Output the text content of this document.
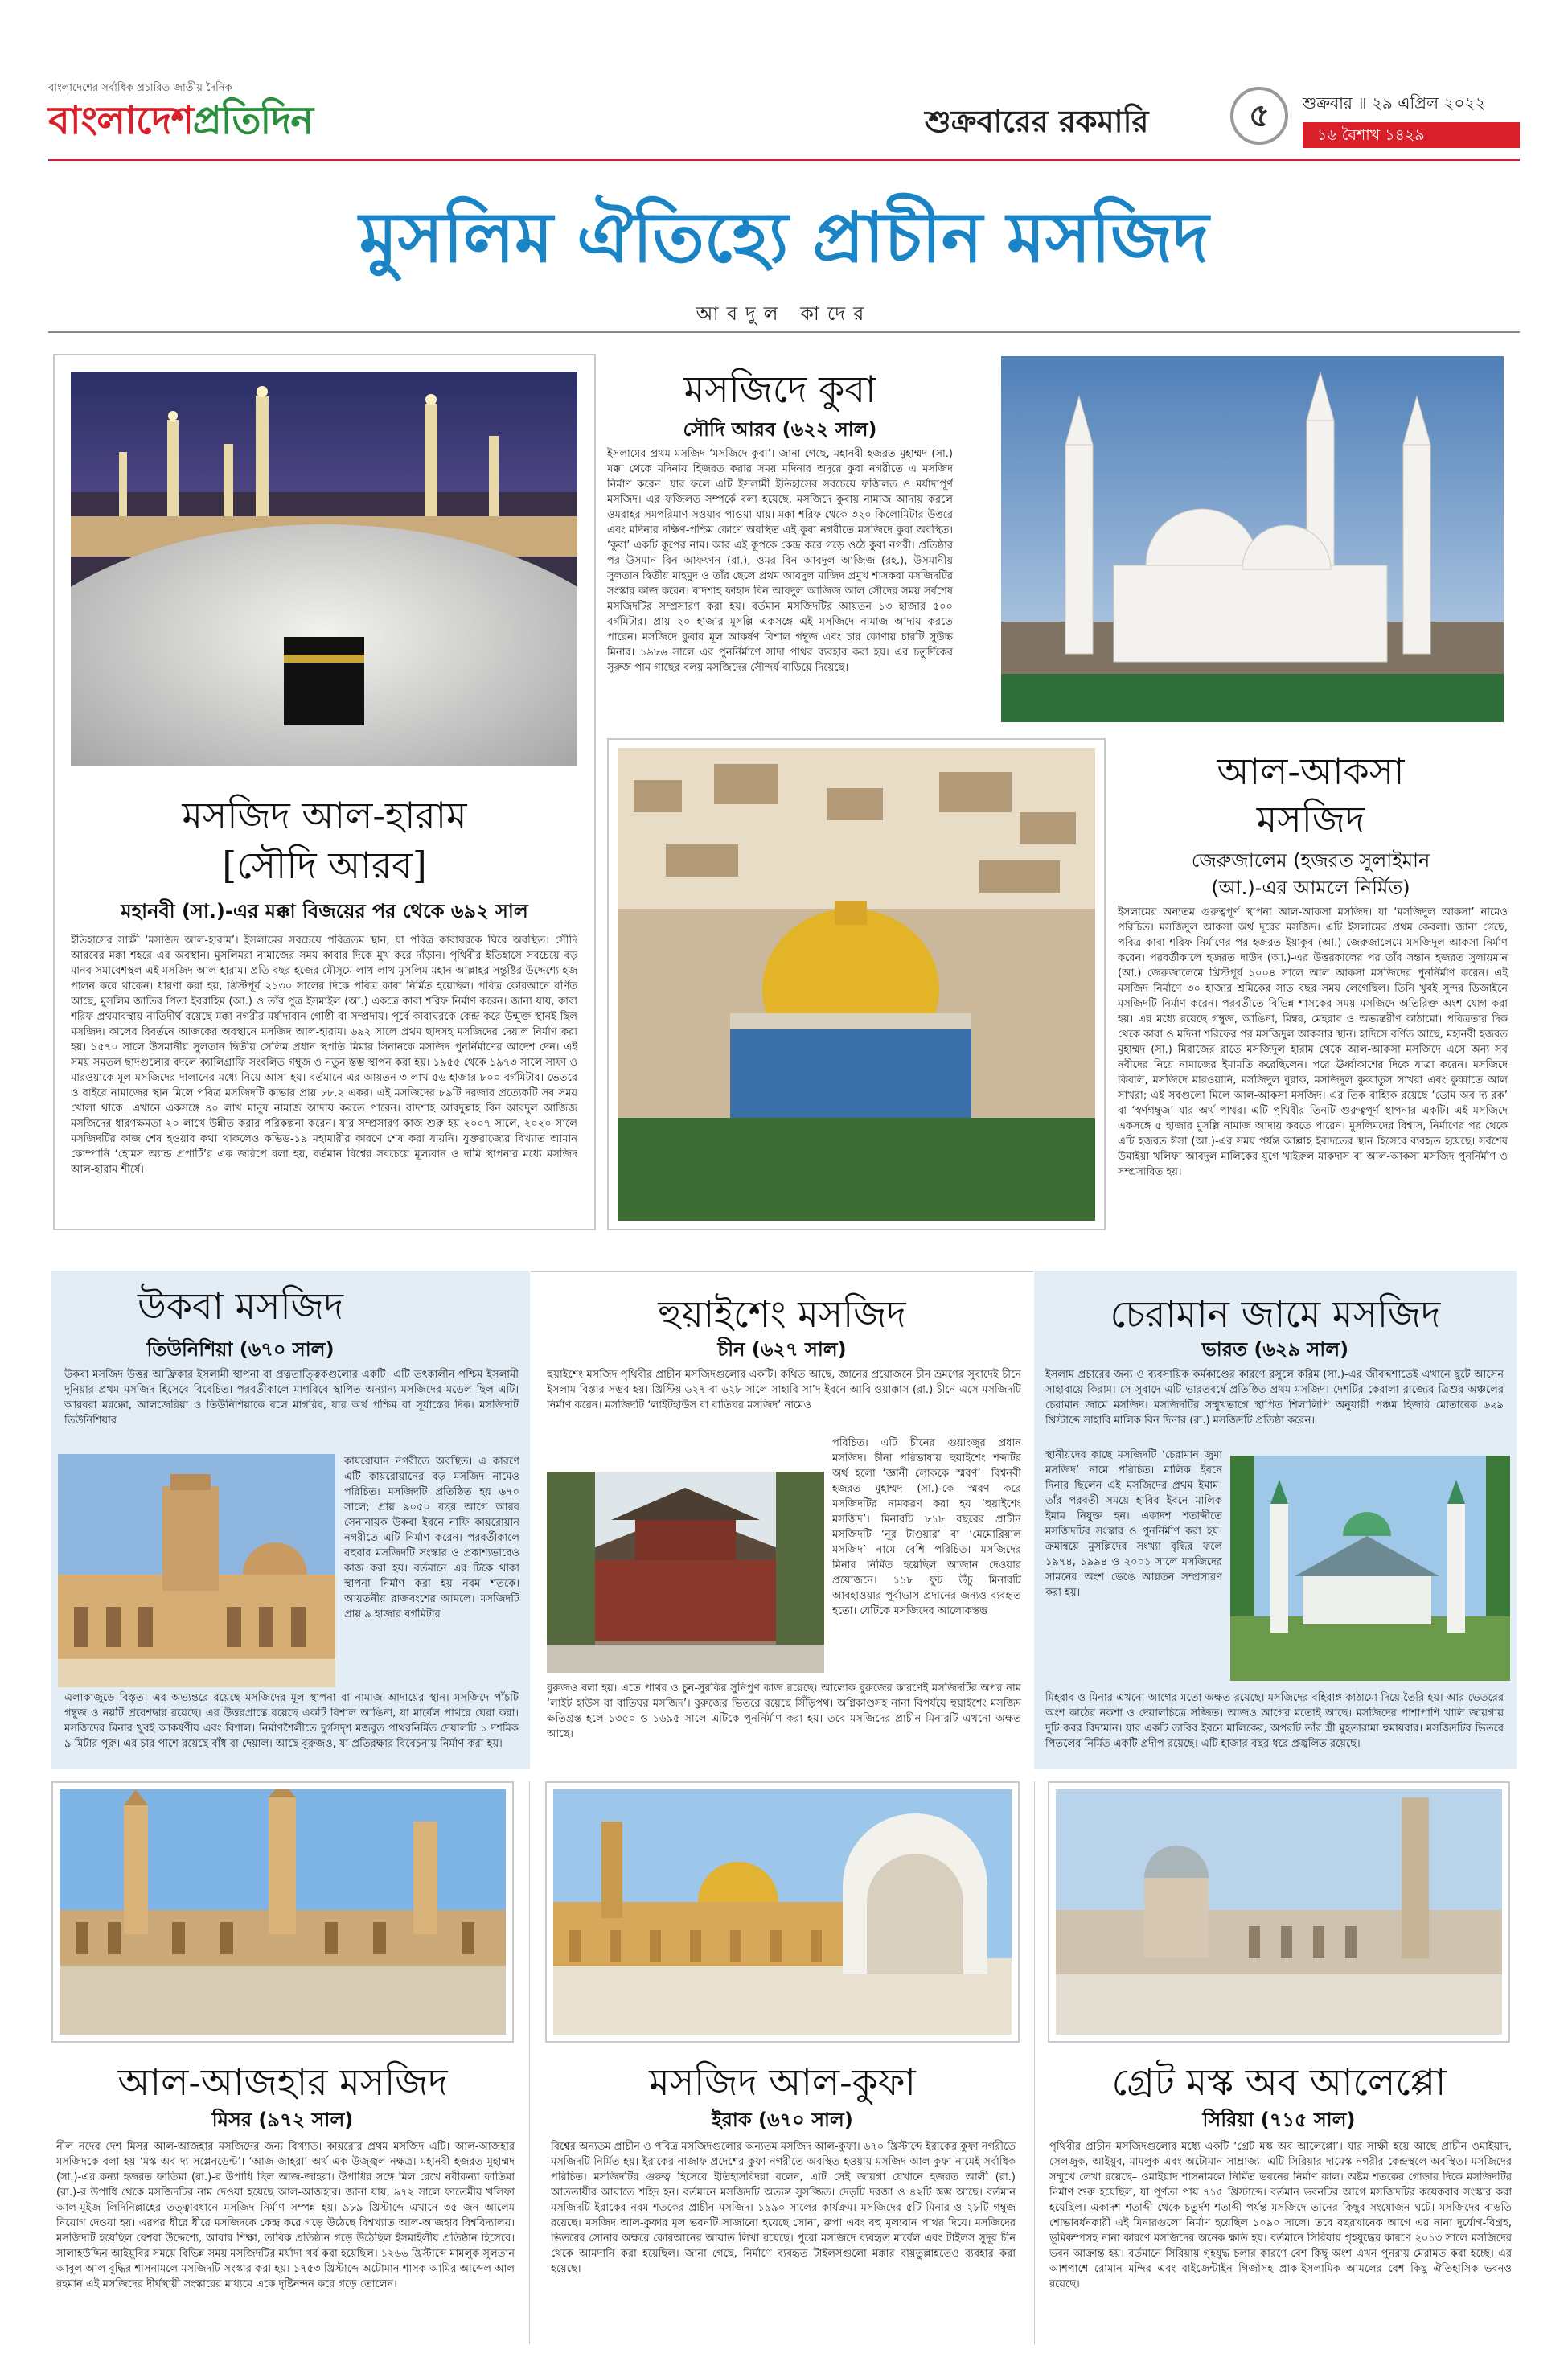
বাংলাদেশের সর্বাধিক প্রচারিত জাতীয় দৈনিক
বাংলাদেশপ্রতিদিন	শুক্রবারের রকমারি	৫	শুক্রবার ॥ ২৯ এপ্রিল ২০২২
১৬ বৈশাখ ১৪২৯
মুসলিম ঐতিহ্যে প্রাচীন মসজিদ
আবদুল কাদের
মসজিদ আল-হারাম
[সৌদি আরব]
মহানবী (সা.)-এর মক্কা বিজয়ের পর থেকে ৬৯২ সাল
ইতিহাসের সাক্ষী ‘মসজিদ আল-হারাম’। ইসলামের সবচেয়ে পবিত্রতম স্থান, যা পবিত্র কাবাঘরকে ঘিরে অবস্থিত। সৌদি আরবের মক্কা শহরে এর অবস্থান। মুসলিমরা নামাজের সময় কাবার দিকে মুখ করে দাঁড়ান। পৃথিবীর ইতিহাসে সবচেয়ে বড় মানব সমাবেশস্থল এই মসজিদ আল-হারাম। প্রতি বছর হজের মৌসুমে লাখ লাখ মুসলিম মহান আল্লাহর সন্তুষ্টির উদ্দেশ্যে হজ পালন করে থাকেন। ধারণা করা হয়, খ্রিস্টপূর্ব ২১৩০ সালের দিকে পবিত্র কাবা নির্মিত হয়েছিল। পবিত্র কোরআনে বর্ণিত আছে, মুসলিম জাতির পিতা ইবরাহিম (আ.) ও তাঁর পুত্র ইসমাইল (আ.) একত্রে কাবা শরিফ নির্মাণ করেন। জানা যায়, কাবা শরিফ প্রথমাবস্থায় নাতিদীর্ঘ রয়েছে মক্কা নগরীর মর্যাদাবান গোষ্ঠী বা সম্প্রদায়। পূর্বে কাবাঘরকে কেন্দ্র করে উন্মুক্ত স্থানই ছিল মসজিদ। কালের বিবর্তনে আজকের অবস্থানে মসজিদ আল-হারাম। ৬৯২ সালে প্রথম ছাদসহ মসজিদের দেয়াল নির্মাণ করা হয়। ১৫৭০ সালে উসমানীয় সুলতান দ্বিতীয় সেলিম প্রধান স্থপতি মিমার সিনানকে মসজিদ পুনর্নির্মাণের আদেশ দেন। এই সময় সমতল ছাদগুলোর বদলে ক্যালিগ্রাফি সংবলিত গম্বুজ ও নতুন স্তম্ভ স্থাপন করা হয়। ১৯৫৫ থেকে ১৯৭৩ সালে সাফা ও মারওয়াকে মূল মসজিদের দালানের মধ্যে নিয়ে আসা হয়। বর্তমানে এর আয়তন ৩ লাখ ৫৬ হাজার ৮০০ বর্গমিটার। ভেতরে ও বাইরে নামাজের স্থান মিলে পবিত্র মসজিদটি কাভার প্রায় ৮৮.২ একর। এই মসজিদের ৮৯টি দরজার প্রত্যেকটি সব সময় খোলা থাকে। এখানে একসঙ্গে ৪০ লাখ মানুষ নামাজ আদায় করতে পারেন। বাদশাহ আবদুল্লাহ বিন আবদুল আজিজ মসজিদের ধারণক্ষমতা ২০ লাখে উন্নীত করার পরিকল্পনা করেন। যার সম্প্রসারণ কাজ শুরু হয় ২০০৭ সালে, ২০২০ সালে মসজিদটির কাজ শেষ হওয়ার কথা থাকলেও কভিড-১৯ মহামারীর কারণে শেষ করা যায়নি। যুক্তরাজ্যের বিখ্যাত আমান কোম্পানি ‘হোমস অ্যান্ড প্রপার্টি’র এক জরিপে বলা হয়, বর্তমান বিশ্বের সবচেয়ে মূল্যবান ও দামি স্থাপনার মধ্যে মসজিদ আল-হারাম শীর্ষে।
মসজিদে কুবা
সৌদি আরব (৬২২ সাল)
ইসলামের প্রথম মসজিদ ‘মসজিদে কুবা’। জানা গেছে, মহানবী হজরত মুহাম্মদ (সা.) মক্কা থেকে মদিনায় হিজরত করার সময় মদিনার অদূরে কুবা নগরীতে এ মসজিদ নির্মাণ করেন। যার ফলে এটি ইসলামী ইতিহাসের সবচেয়ে ফজিলত ও মর্যাদাপূর্ণ মসজিদ। এর ফজিলত সম্পর্কে বলা হয়েছে, মসজিদে কুবায় নামাজ আদায় করলে ওমরাহর সমপরিমাণ সওয়াব পাওয়া যায়। মক্কা শরিফ থেকে ৩২০ কিলোমিটার উত্তরে এবং মদিনার দক্ষিণ-পশ্চিম কোণে অবস্থিত এই কুবা নগরীতে মসজিদে কুবা অবস্থিত। ‘কুবা’ একটি কূপের নাম। আর এই কূপকে কেন্দ্র করে গড়ে ওঠে কুবা নগরী। প্রতিষ্ঠার পর উসমান বিন আফফান (রা.), ওমর বিন আবদুল আজিজ (রহ.), উসমানীয় সুলতান দ্বিতীয় মাহমুদ ও তাঁর ছেলে প্রথম আবদুল মাজিদ প্রমুখ শাসকরা মসজিদটির সংস্কার কাজ করেন। বাদশাহ ফাহাদ বিন আবদুল আজিজ আল সৌদের সময় সর্বশেষ মসজিদটির সম্প্রসারণ করা হয়। বর্তমান মসজিদটির আয়তন ১৩ হাজার ৫০০ বর্গমিটার। প্রায় ২০ হাজার মুসল্লি একসঙ্গে এই মসজিদে নামাজ আদায় করতে পারেন। মসজিদে কুবার মূল আকর্ষণ বিশাল গম্বুজ এবং চার কোণায় চারটি সুউচ্চ মিনার। ১৯৮৬ সালে এর পুনর্নির্মাণে সাদা পাথর ব্যবহার করা হয়। এর চতুর্দিকের সুরুজ পাম গাছের বলয় মসজিদের সৌন্দর্য বাড়িয়ে দিয়েছে।
আল-আকসা
মসজিদ
জেরুজালেম (হজরত সুলাইমান
(আ.)-এর আমলে নির্মিত)
ইসলামের অন্যতম গুরুত্বপূর্ণ স্থাপনা আল-আকসা মসজিদ। যা ‘মসজিদুল আকসা’ নামেও পরিচিত। মসজিদুল আকসা অর্থ দূরের মসজিদ। এটি ইসলামের প্রথম কেবলা। জানা গেছে, পবিত্র কাবা শরিফ নির্মাণের পর হজরত ইয়াকুব (আ.) জেরুজালেমে মসজিদুল আকসা নির্মাণ করেন। পরবর্তীকালে হজরত দাউদ (আ.)-এর উত্তরকালের পর তাঁর সন্তান হজরত সুলায়মান (আ.) জেরুজালেমে খ্রিস্টপূর্ব ১০০৪ সালে আল আকসা মসজিদের পুনর্নির্মাণ করেন। এই মসজিদ নির্মাণে ৩০ হাজার শ্রমিকের সাত বছর সময় লেগেছিল। তিনি খুবই সুন্দর ডিজাইনে মসজিদটি নির্মাণ করেন। পরবর্তীতে বিভিন্ন শাসকের সময় মসজিদে অতিরিক্ত অংশ যোগ করা হয়। এর মধ্যে রয়েছে গম্বুজ, আঙিনা, মিম্বর, মেহরাব ও অভ্যন্তরীণ কাঠামো। পবিত্রতার দিক থেকে কাবা ও মদিনা শরিফের পর মসজিদুল আকসার স্থান। হাদিসে বর্ণিত আছে, মহানবী হজরত মুহাম্মদ (সা.) মিরাজের রাতে মসজিদুল হারাম থেকে আল-আকসা মসজিদে এসে অন্য সব নবীদের নিয়ে নামাজের ইমামতি করেছিলেন। পরে ঊর্ধ্বাকাশের দিকে যাত্রা করেন। মসজিদে কিবলি, মসজিদে মারওয়ানি, মসজিদুল বুরাক, মসজিদুল কুব্বাতুস সাখরা এবং কুব্বাতে আল সাখরা; এই সবগুলো মিলে আল-আকসা মসজিদ। এর তিক বাহ্যিক রয়েছে ‘ডোম অব দ্য রক’ বা ‘স্বর্ণগম্বুজ’ যার অর্থ পাথর। এটি পৃথিবীর তিনটি গুরুত্বপূর্ণ স্থাপনার একটি। এই মসজিদে একসঙ্গে ৫ হাজার মুসল্লি নামাজ আদায় করতে পারেন। মুসলিমদের বিশ্বাস, নির্মাণের পর থেকে এটি হজরত ঈসা (আ.)-এর সময় পর্যন্ত আল্লাহ ইবাদতের স্থান হিসেবে ব্যবহৃত হয়েছে। সর্বশেষ উমাইয়া খলিফা আবদুল মালিকের যুগে খাইরুল মাকদাস বা আল-আকসা মসজিদ পুনর্নির্মাণ ও সম্প্রসারিত হয়।
উকবা মসজিদ
তিউনিশিয়া (৬৭০ সাল)
উকবা মসজিদ উত্তর আফ্রিকার ইসলামী স্থাপনা বা প্রত্নতাত্ত্বিকগুলোর একটি। এটি তৎকালীন পশ্চিম ইসলামী দুনিয়ার প্রথম মসজিদ হিসেবে বিবেচিত। পরবর্তীকালে মাগরিবে স্থাপিত অন্যান্য মসজিদের মডেল ছিল এটি। আরবরা মরক্কো, আলজেরিয়া ও তিউনিশিয়াকে বলে মাগরিব, যার অর্থ পশ্চিম বা সূর্যাস্তের দিক। মসজিদটি তিউনিশিয়ার
কায়রোয়ান নগরীতে অবস্থিত। এ কারণে এটি কায়রোয়ানের বড় মসজিদ নামেও পরিচিত। মসজিদটি প্রতিষ্ঠিত হয় ৬৭০ সালে; প্রায় ৯০৫০ বছর আগে আরব সেনানায়ক উকবা ইবনে নাফি কায়রোয়ান নগরীতে এটি নির্মাণ করেন। পরবর্তীকালে বহুবার মসজিদটি সংস্কার ও প্রকাশ্যভাবেও কাজ করা হয়। বর্তমানে এর টিকে থাকা স্থাপনা নির্মাণ করা হয় নবম শতকে। আয়তনীয় রাজবংশের আমলে। মসজিদটি প্রায় ৯ হাজার বর্গমিটার
এলাকাজুড়ে বিস্তৃত। এর অভ্যন্তরে রয়েছে মসজিদের মূল স্থাপনা বা নামাজ আদায়ের স্থান। মসজিদে পাঁচটি গম্বুজ ও নয়টি প্রবেশদ্বার রয়েছে। এর উত্তরপ্রান্তে রয়েছে একটি বিশাল আঙিনা, যা মার্বেল পাথরে ঘেরা করা। মসজিদের মিনার খুবই আকর্ষণীয় এবং বিশাল। নির্মাণশৈলীতে দুর্গসদৃশ মজবুত পাথরনির্মিত দেয়ালটি ১ দশমিক ৯ মিটার পুরু। এর চার পাশে রয়েছে বাঁধ বা দেয়াল। আছে বুরুজও, যা প্রতিরক্ষার বিবেচনায় নির্মাণ করা হয়।
হুয়াইশেং মসজিদ
চীন (৬২৭ সাল)
হুয়াইশেং মসজিদ পৃথিবীর প্রাচীন মসজিদগুলোর একটি। কথিত আছে, জ্ঞানের প্রয়োজনে চীন ভ্রমণের সুবাদেই চীনে ইসলাম বিস্তার সম্ভব হয়। খ্রিস্টিয় ৬২৭ বা ৬২৮ সালে সাহাবি সা’দ ইবনে আবি ওয়াক্কাস (রা.) চীনে এসে মসজিদটি নির্মাণ করেন। মসজিদটি ‘লাইটহাউস বা বাতিঘর মসজিদ’ নামেও
পরিচিত। এটি চীনের গুয়াংজুর প্রধান মসজিদ। চীনা পরিভাষায় হুয়াইশেং শব্দটির অর্থ হলো ‘জ্ঞানী লোককে স্মরণ’। বিশ্বনবী হজরত মুহাম্মদ (সা.)-কে স্মরণ করে মসজিদটির নামকরণ করা হয় ‘হুয়াইশেং মসজিদ’। মিনারটি ৮১৮ বছরের প্রাচীন মসজিদটি ‘নূর টাওয়ার’ বা ‘মেমোরিয়াল মসজিদ’ নামে বেশি পরিচিত। মসজিদের মিনার নির্মিত হয়েছিল আজান দেওয়ার প্রয়োজনে। ১১৮ ফুট উঁচু মিনারটি আবহাওয়ার পূর্বাভাস প্রদানের জন্যও ব্যবহৃত হতো। যেটিকে মসজিদের আলোকস্তম্ভ
বুরুজও বলা হয়। এতে পাথর ও চুন-সুরকির সুনিপুণ কাজ রয়েছে। আলোক বুরুজের কারণেই মসজিদটির অপর নাম ‘লাইট হাউস বা বাতিঘর মসজিদ’। বুরুজের ভিতরে রয়েছে সিঁড়িপথ। অগ্নিকাণ্ডসহ নানা বিপর্যয়ে হুয়াইশেং মসজিদ ক্ষতিগ্রস্ত হলে ১৩৫০ ও ১৬৯৫ সালে এটিকে পুনর্নির্মাণ করা হয়। তবে মসজিদের প্রাচীন মিনারটি এখনো অক্ষত আছে।
চেরামান জামে মসজিদ
ভারত (৬২৯ সাল)
ইসলাম প্রচারের জন্য ও ব্যবসায়িক কর্মকাণ্ডের কারণে রসুলে করিম (সা.)-এর জীবদ্দশাতেই এখানে ছুটে আসেন সাহাবায়ে কিরাম। সে সুবাদে এটি ভারতবর্ষে প্রতিষ্ঠিত প্রথম মসজিদ। দেশটির কেরালা রাজ্যের ত্রিশুর অঞ্চলের চেরামান জামে মসজিদ। মসজিদটির সম্মুখভাগে স্থাপিত শিলালিপি অনুযায়ী পঞ্চম হিজরি মোতাবেক ৬২৯ খ্রিস্টাব্দে সাহাবি মালিক বিন দিনার (রা.) মসজিদটি প্রতিষ্ঠা করেন।
স্থানীয়দের কাছে মসজিদটি ‘চেরামান জুমা মসজিদ’ নামে পরিচিত। মালিক ইবনে দিনার ছিলেন এই মসজিদের প্রথম ইমাম। তাঁর পরবর্তী সময়ে হাবিব ইবনে মালিক ইমাম নিযুক্ত হন। একাদশ শতাব্দীতে মসজিদটির সংস্কার ও পুনর্নির্মাণ করা হয়। ক্রমান্বয়ে মুসল্লিদের সংখ্যা বৃদ্ধির ফলে ১৯৭৪, ১৯৯৪ ও ২০০১ সালে মসজিদের সামনের অংশ ভেঙে আয়তন সম্প্রসারণ করা হয়।
মিহরাব ও মিনার এখনো আগের মতো অক্ষত রয়েছে। মসজিদের বহিরাঙ্গ কাঠামো দিয়ে তৈরি হয়। আর ভেতরের অংশ কাঠের নকশা ও দেয়ালচিত্রে সজ্জিত। আজও আগের মতোই আছে। মসজিদের পাশাপাশি খালি জায়গায় দুটি কবর বিদ্যমান। যার একটি তাবিব ইবনে মালিকের, অপরটি তাঁর স্ত্রী মুহতারামা হুমায়রার। মসজিদটির ভিতরে পিতলের নির্মিত একটি প্রদীপ রয়েছে। এটি হাজার বছর ধরে প্রজ্বলিত রয়েছে।
আল-আজহার মসজিদ
মিসর (৯৭২ সাল)
নীল নদের দেশ মিসর আল-আজহার মসজিদের জন্য বিখ্যাত। কায়রোর প্রথম মসজিদ এটি। আল-আজহার মসজিদকে বলা হয় ‘মস্ক অব দ্য সপ্লেনডেন্ট’। ‘আজ-জাহরা’ অর্থ এক উজ্জ্বল নক্ষত্র। মহানবী হজরত মুহাম্মদ (সা.)-এর কন্যা হজরত ফাতিমা (রা.)-র উপাধি ছিল আজ-জাহরা। উপাধির সঙ্গে মিল রেখে নবীকন্যা ফাতিমা (রা.)-র উপাধি থেকে মসজিদটির নাম দেওয়া হয়েছে আল-আজহার। জানা যায়, ৯৭২ সালে ফাতেমীয় খলিফা আল-মুইজ লিদিনিল্লাহের তত্ত্বাবধানে মসজিদ নির্মাণ সম্পন্ন হয়। ৯৮৯ খ্রিস্টাব্দে এখানে ৩৫ জন আলেম নিয়োগ দেওয়া হয়। এরপর ধীরে ধীরে মসজিদকে কেন্দ্র করে গড়ে উঠেছে বিশ্বখ্যাত আল-আজহার বিশ্ববিদ্যালয়। মসজিদটি হয়েছিল বেশবা উদ্দেশ্যে, আবার শিক্ষা, তাবিক প্রতিষ্ঠান গড়ে উঠেছিল ইসমাইলীয় প্রতিষ্ঠান হিসেবে। সালাহউদ্দিন আইয়ুবির সময়ে বিভিন্ন সময় মসজিদটির মর্যাদা খর্ব করা হয়েছিল। ১২৬৬ খ্রিস্টাব্দে মামলুক সুলতান আবুল আল বুদ্ধির শাসনামলে মসজিদটি সংস্কার করা হয়। ১৭৫৩ খ্রিস্টাব্দে অটোমান শাসক আমির আব্দেল আল রহমান এই মসজিদের দীর্ঘস্থায়ী সংস্কারের মাধ্যমে একে দৃষ্টিনন্দন করে গড়ে তোলেন।
মসজিদ আল-কুফা
ইরাক (৬৭০ সাল)
বিশ্বের অন্যতম প্রাচীন ও পবিত্র মসজিদগুলোর অন্যতম মসজিদ আল-কুফা। ৬৭০ খ্রিস্টাব্দে ইরাকের কুফা নগরীতে মসজিদটি নির্মিত হয়। ইরাকের নাজাফ প্রদেশের কুফা নগরীতে অবস্থিত হওয়ায় মসজিদ আল-কুফা নামেই সর্বাধিক পরিচিত। মসজিদটির গুরুত্ব হিসেবে ইতিহাসবিদরা বলেন, এটি সেই জায়গা যেখানে হজরত আলী (রা.) আততায়ীর আঘাতে শহিদ হন। বর্তমানে মসজিদটি অত্যন্ত সুসজ্জিত। দেড়টি দরজা ও ৪২টি স্তম্ভ আছে। বর্তমান মসজিদটি ইরাকের নবম শতকের প্রাচীন মসজিদ। ১৯৯০ সালের কার্যক্রম। মসজিদের ৫টি মিনার ও ২৮টি গম্বুজ রয়েছে। মসজিদ আল-কুফার মূল ভবনটি সাজানো হয়েছে সোনা, রুপা এবং বহু মূল্যবান পাথর দিয়ে। মসজিদের ভিতরের সোনার অক্ষরে কোরআনের আয়াত লিখা রয়েছে। পুরো মসজিদে ব্যবহৃত মার্বেল এবং টাইলস সুদূর চীন থেকে আমদানি করা হয়েছিল। জানা গেছে, নির্মাণে ব্যবহৃত টাইলসগুলো মক্কার বায়তুল্লাহতেও ব্যবহার করা হয়েছে।
গ্রেট মস্ক অব আলেপ্পো
সিরিয়া (৭১৫ সাল)
পৃথিবীর প্রাচীন মসজিদগুলোর মধ্যে একটি ‘গ্রেট মস্ক অব আলেপ্পো’। যার সাক্ষী হয়ে আছে প্রাচীন ওমাইয়াদ, সেলজুক, আইয়ুব, মামলুক এবং অটোমান সাম্রাজ্য। এটি সিরিয়ার দামেস্ক নগরীর কেন্দ্রস্থলে অবস্থিত। মসজিদের সম্মুখে লেখা রয়েছে– ওমাইয়াদ শাসনামলে নির্মিত ভবনের নির্মাণ কাল। অষ্টম শতকের গোড়ার দিকে মসজিদটির নির্মাণ শুরু হয়েছিল, যা পূর্ণতা পায় ৭১৫ খ্রিস্টাব্দে। বর্তমান ভবনটির আগে মসজিদটির কয়েকবার সংস্কার করা হয়েছিল। একাদশ শতাব্দী থেকে চতুর্দশ শতাব্দী পর্যন্ত মসজিদে তানের কিছুর সংযোজন ঘটে। মসজিদের বাড়তি শোভাবর্ধনকারী এই মিনারগুলো নির্মাণ হয়েছিল ১০৯০ সালে। তবে বছরখানেক আগে এর নানা দুর্যোগ-বিগ্রহ, ভূমিকম্পসহ নানা কারণে মসজিদের অনেক ক্ষতি হয়। বর্তমানে সিরিয়ায় গৃহযুদ্ধের কারণে ২০১৩ সালে মসজিদের ভবন আক্রান্ত হয়। বর্তমানে সিরিয়ায় গৃহযুদ্ধ চলার কারণে বেশ কিছু অংশ এখন পুনরায় মেরামত করা হচ্ছে। এর আশপাশে রোমান মন্দির এবং বাইজেন্টাইন গির্জাসহ প্রাক-ইসলামিক আমলের বেশ কিছু ঐতিহাসিক ভবনও রয়েছে।
